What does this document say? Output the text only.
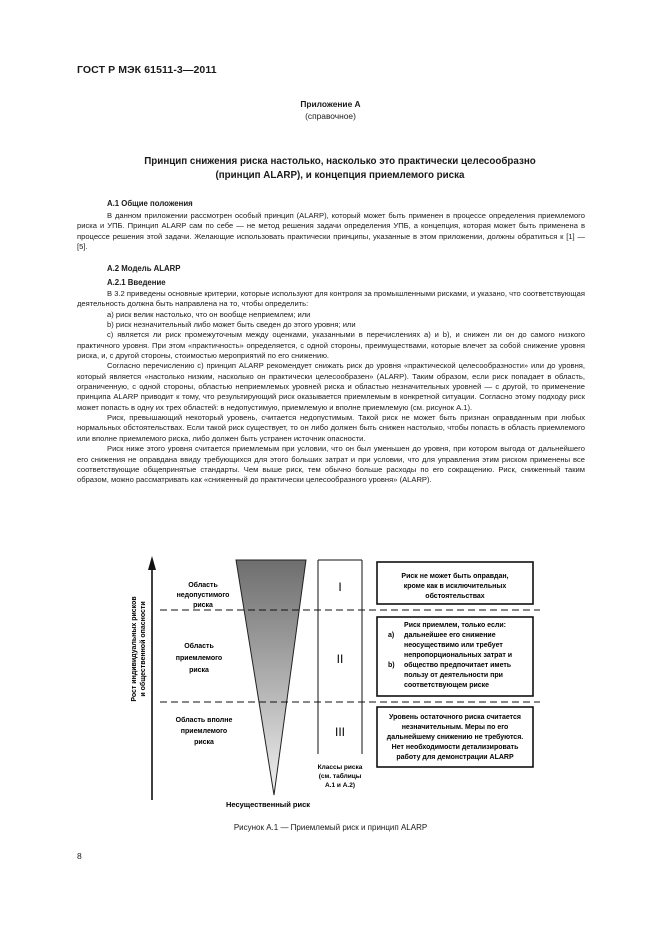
ГОСТ Р МЭК 61511-3—2011
Приложение А
(справочное)
Принцип снижения риска настолько, насколько это практически целесообразно
(принцип ALARP), и концепция приемлемого риска
А.1 Общие положения
В данном приложении рассмотрен особый принцип (ALARP), который может быть применен в процессе определения приемлемого риска и УПБ. Принцип ALARP сам по себе — не метод решения задачи определения УПБ, а концепция, которая может быть применена в процессе решения этой задачи. Желающие использовать практически принципы, указанные в этом приложении, должны обратиться к [1] — [5].
А.2 Модель ALARP
А.2.1 Введение
В 3.2 приведены основные критерии, которые используют для контроля за промышленными рисками, и указано, что соответствующая деятельность должна быть направлена на то, чтобы определить:
а) риск велик настолько, что он вообще неприемлем; или
b) риск незначительный либо может быть сведен до этого уровня; или
c) является ли риск промежуточным между оценками, указанными в перечислениях а) и b), и снижен ли он до самого низкого практичного уровня. При этом «практичность» определяется, с одной стороны, преимуществами, которые влечет за собой снижение уровня риска, и, с другой стороны, стоимостью мероприятий по его снижению.
Согласно перечислению с) принцип ALARP рекомендует снижать риск до уровня «практической целесообразности» или до уровня, который является «настолько низким, насколько он практически целесообразен» (ALARP). Таким образом, если риск попадает в область, ограниченную, с одной стороны, областью неприемлемых уровней риска и областью незначительных уровней — с другой, то применение принципа ALARP приводит к тому, что результирующий риск оказывается приемлемым в конкретной ситуации. Согласно этому подходу риск может попасть в одну их трех областей: в недопустимую, приемлемую и вполне приемлемую (см. рисунок А.1).
Риск, превышающий некоторый уровень, считается недопустимым. Такой риск не может быть признан оправданным при любых нормальных обстоятельствах. Если такой риск существует, то он либо должен быть снижен настолько, чтобы попасть в область приемлемого или вполне приемлемого риска, либо должен быть устранен источник опасности.
Риск ниже этого уровня считается приемлемым при условии, что он был уменьшен до уровня, при котором выгода от дальнейшего его снижения не оправдана ввиду требующихся для этого больших затрат и при условии, что для управления этим риском применены все соответствующие общепринятые стандарты. Чем выше риск, тем обычно больше расходы по его сокращению. Риск, сниженный таким образом, можно рассматривать как «сниженный до практически целесообразного уровня» (ALARP).
Рост индивидуальных рисков и общественной опасности
Область
недопустимого
риска
Область
приемлемого
риска
Область вполне
приемлемого
риска
I
II
III
Классы риска
(см. таблицы
А.1 и А.2)
Риск не может быть оправдан,
кроме как в исключительных
обстоятельствах
Риск приемлем, только если:
a) дальнейшее его снижение
неосуществимо или требует
непропорциональных затрат и
b) общество предпочитает иметь
пользу от деятельности при
соответствующем риске
Уровень остаточного риска считается
незначительным. Меры по его
дальнейшему снижению не требуются.
Нет необходимости детализировать
работу для демонстрации ALARP
Несущественный риск
Рисунок А.1 — Приемлемый риск и принцип ALARP
8
